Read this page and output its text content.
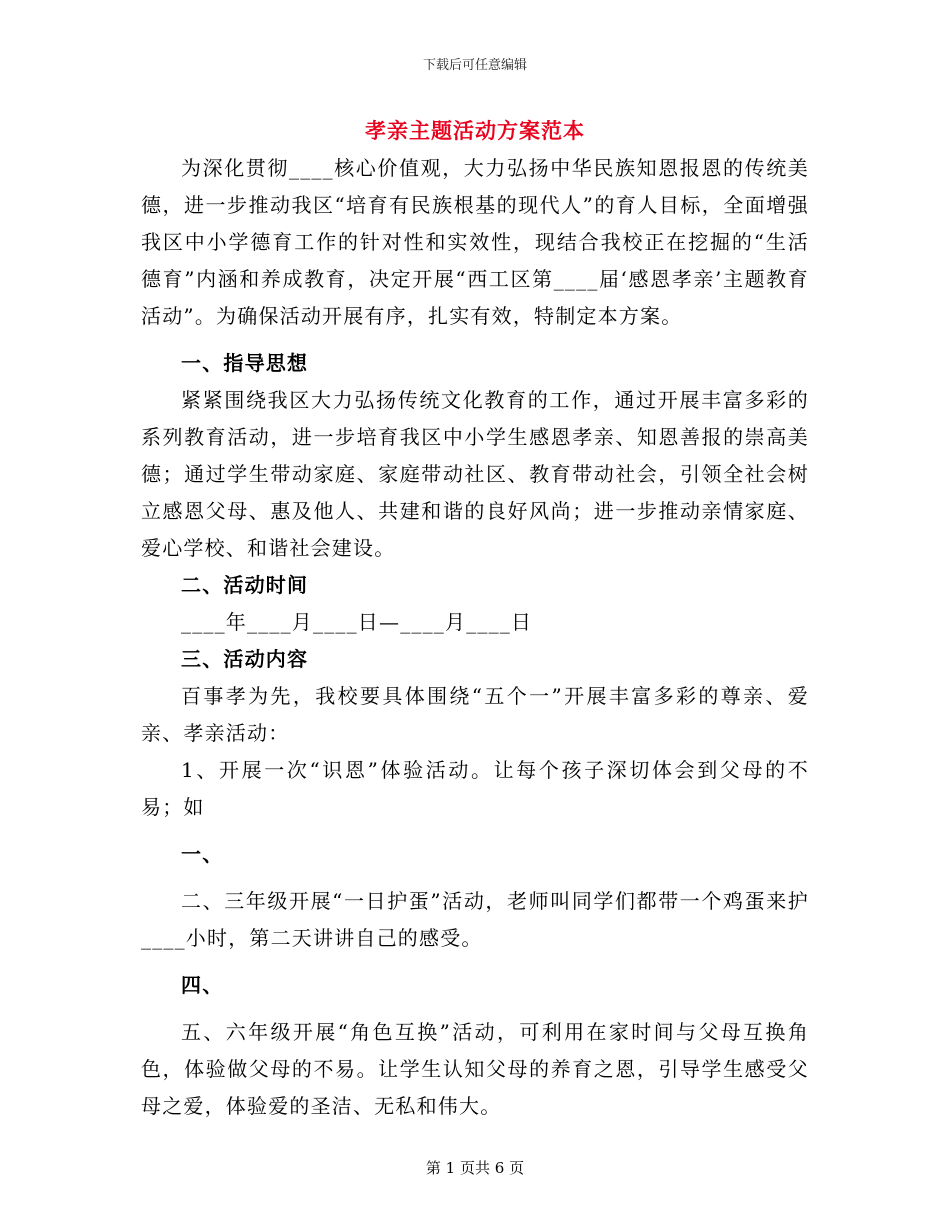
下载后可任意编辑
孝亲主题活动方案范本

为深化贯彻____核心价值观，大力弘扬中华民族知恩报恩的传统美德，进一步推动我区“培育有民族根基的现代人”的育人目标，全面增强我区中小学德育工作的针对性和实效性，现结合我校正在挖掘的“生活德育”内涵和养成教育，决定开展“西工区第____届‘感恩孝亲’主题教育活动”。为确保活动开展有序，扎实有效，特制定本方案。

一、指导思想

紧紧围绕我区大力弘扬传统文化教育的工作，通过开展丰富多彩的系列教育活动，进一步培育我区中小学生感恩孝亲、知恩善报的崇高美德；通过学生带动家庭、家庭带动社区、教育带动社会，引领全社会树立感恩父母、惠及他人、共建和谐的良好风尚；进一步推动亲情家庭、爱心学校、和谐社会建设。

二、活动时间

____年____月____日—____月____日

三、活动内容

百事孝为先，我校要具体围绕“五个一”开展丰富多彩的尊亲、爱亲、孝亲活动：

1、开展一次“识恩”体验活动。让每个孩子深切体会到父母的不易；如

一、

二、三年级开展“一日护蛋”活动，老师叫同学们都带一个鸡蛋来护____小时，第二天讲讲自己的感受。

四、

五、六年级开展“角色互换”活动，可利用在家时间与父母互换角色，体验做父母的不易。让学生认知父母的养育之恩，引导学生感受父母之爱，体验爱的圣洁、无私和伟大。

第 1 页共 6 页
